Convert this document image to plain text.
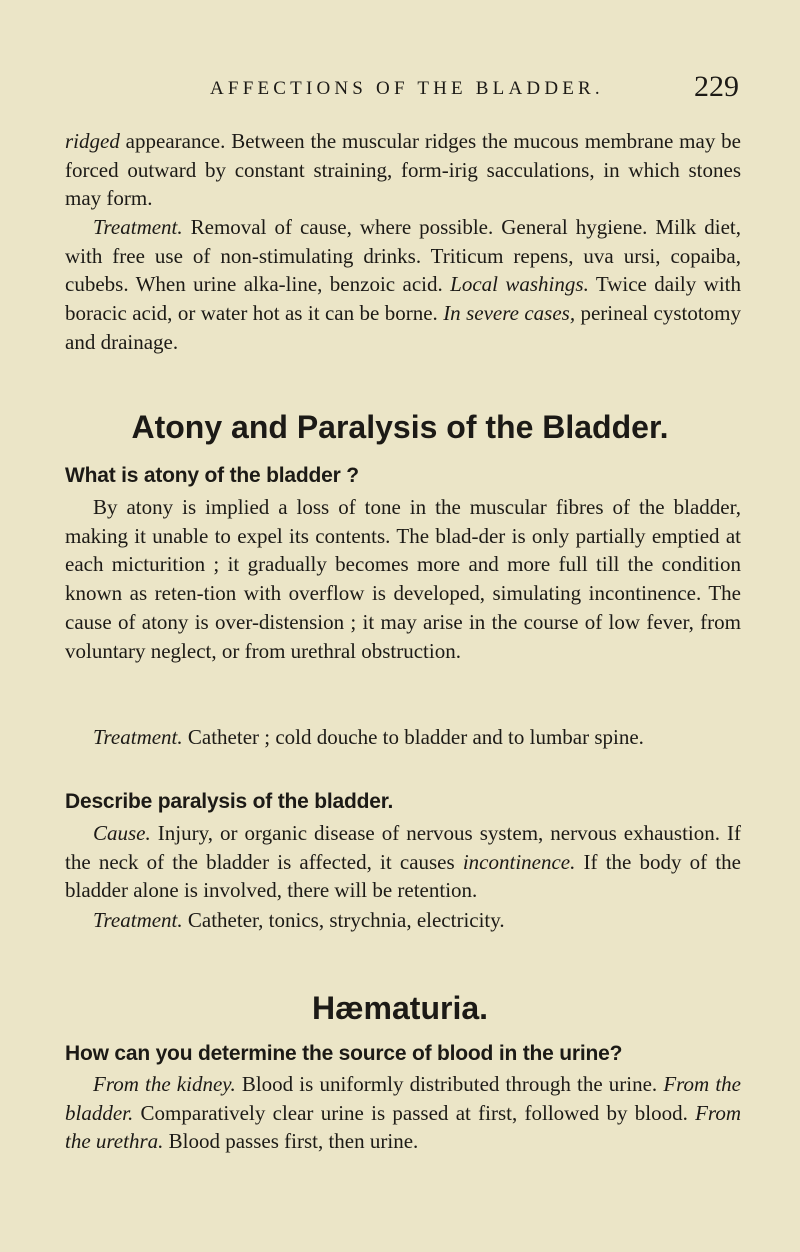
AFFECTIONS OF THE BLADDER.	229

ridged appearance. Between the muscular ridges the mucous membrane may be forced outward by constant straining, form-irig sacculations, in which stones may form.

Treatment. Removal of cause, where possible. General hygiene. Milk diet, with free use of non-stimulating drinks. Triticum repens, uva ursi, copaiba, cubebs. When urine alka-line, benzoic acid. Local washings. Twice daily with boracic acid, or water hot as it can be borne. In severe cases, perineal cystotomy and drainage.

Atony and Paralysis of the Bladder.
What is atony of the bladder ?

By atony is implied a loss of tone in the muscular fibres of the bladder, making it unable to expel its contents. The blad-der is only partially emptied at each micturition ; it gradually becomes more and more full till the condition known as reten-tion with overflow is developed, simulating incontinence. The cause of atony is over-distension ; it may arise in the course of low fever, from voluntary neglect, or from urethral obstruction.

Treatment. Catheter ; cold douche to bladder and to lumbar spine.

Describe paralysis of the bladder.

Cause. Injury, or organic disease of nervous system, nervous exhaustion. If the neck of the bladder is affected, it causes incontinence. If the body of the bladder alone is involved, there will be retention.

Treatment. Catheter, tonics, strychnia, electricity.

Hæmaturia.
How can you determine the source of blood in the urine?

From the kidney. Blood is uniformly distributed through the urine. From the bladder. Comparatively clear urine is passed at first, followed by blood. From the urethra. Blood passes first, then urine.
